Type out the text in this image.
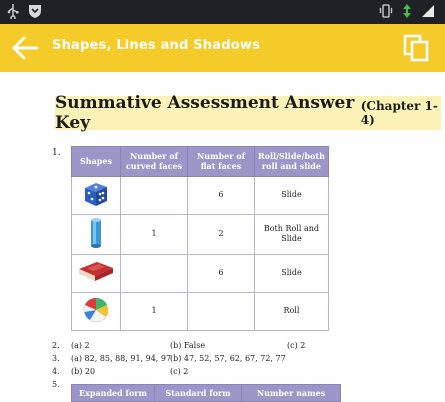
Shapes, Lines and Shadows
Summative Assessment Answer Key
(Chapter 1-4)
1.
Shapes	Number of curved faces	Number of flat faces	Roll/Slide/both roll and slide
		6	Slide
	1	2	Both Roll and Slide
		6	Slide
	1		Roll
2. (a) 2	(b) False	(c) 2
3. (a) 82, 85, 88, 91, 94, 97
(b) 47, 52, 57, 62, 67, 72, 77
4. (b) 20	(c) 2
5.
Expanded form	Standard form	Number names
